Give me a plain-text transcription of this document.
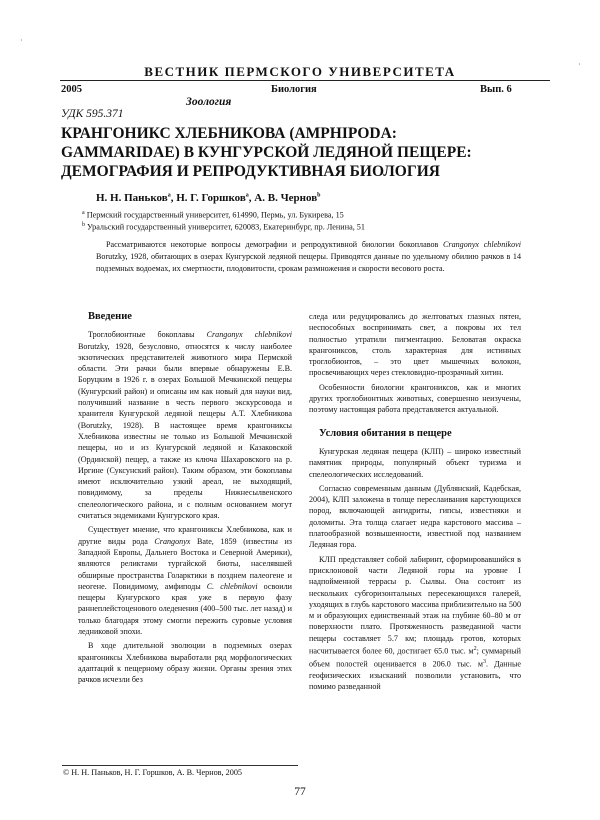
ВЕСТНИК ПЕРМСКОГО УНИВЕРСИТЕТА
2005	Биология	Вып. 6
Зоология
УДК 595.371
КРАНГОНИКС ХЛЕБНИКОВА (AMPHIPODA:
GAMMARIDAE) В КУНГУРСКОЙ ЛЕДЯНОЙ ПЕЩЕРЕ:
ДЕМОГРАФИЯ И РЕПРОДУКТИВНАЯ БИОЛОГИЯ
Н. Н. Паньков$^a$, Н. Г. Горшков$^a$, А. В. Чернов$^b$
$^a$ Пермский государственный университет, 614990, Пермь, ул. Букирева, 15
$^b$ Уральский государственный университет, 620083, Екатеринбург, пр. Ленина, 51
Рассматриваются некоторые вопросы демографии и репродуктивной биологии бокоплавов Crangonyx chlebnikovi Borutzky, 1928, обитающих в озерах Кунгурской ледяной пещеры. Приводятся данные по удельному обилию рачков в 14 подземных водоемах, их смертности, плодовитости, срокам размножения и скорости весового роста.
Введение

Троглобионтные бокоплавы Crangonyx chlebnikovi Borutzky, 1928, безусловно, относятся к числу наиболее экзотических представителей животного мира Пермской области. Эти рачки были впервые обнаружены Е.В. Боруцким в 1926 г. в озерах Большой Мечкинской пещеры (Кунгурский район) и описаны им как новый для науки вид, получивший название в честь первого экскурсовода и хранителя Кунгурской ледяной пещеры А.Т. Хлебникова (Borutzky, 1928). В настоящее время крангониксы Хлебникова известны не только из Большой Мечкинской пещеры, но и из Кунгурской ледяной и Казаковской (Ординской) пещер, а также из ключа Шахаровского на р. Иргине (Суксунский район). Таким образом, эти бокоплавы имеют исключительно узкий ареал, не выходящий, повидимому, за пределы Нижнесылвенского спелеологического района, и с полным основанием могут считаться эндемиками Кунгурского края.

Существует мнение, что крангониксы Хлебникова, как и другие виды рода Crangonyx Bate, 1859 (известны из Западной Европы, Дальнего Востока и Северной Америки), являются реликтами тургайской биоты, населявшей обширные пространства Голарктики в позднем палеогене и неогене. Повидимому, амфиподы C. chlebnikovi освоили пещеры Кунгурского края уже в первую фазу раннеплейстоценового оледенения (400–500 тыс. лет назад) и только благодаря этому смогли пережить суровые условия ледниковой эпохи.

В ходе длительной эволюции в подземных озерах крангониксы Хлебникова выработали ряд морфологических адаптаций к пещерному образу жизни. Органы зрения этих рачков исчезли без

следа или редуцировались до желтоватых глазных пятен, неспособных воспринимать свет, а покровы их тел полностью утратили пигментацию. Беловатая окраска крангониксов, столь характерная для истинных троглобионтов, – это цвет мышечных волокон, просвечивающих через стекловидно-прозрачный хитин.

Особенности биологии крангониксов, как и многих других троглобионтных животных, совершенно неизучены, поэтому настоящая работа представляется актуальной.

Условия обитания в пещере

Кунгурская ледяная пещера (КЛП) – широко известный памятник природы, популярный объект туризма и спелеологических исследований.

Согласно современным данным (Дублянский, Кадебская, 2004), КЛП заложена в толще переслаивания карстующихся пород, включающей ангидриты, гипсы, известняки и доломиты. Эта толща слагает недра карстового массива – платообразной возвышенности, известной под названием Ледяная гора.

КЛП представляет собой лабиринт, сформировавшийся в присклоновой части Ледяной горы на уровне I надпойменной террасы р. Сылвы. Она состоит из нескольких субгоризонтальных пересекающихся галерей, уходящих в глубь карстового массива приблизительно на 500 м и образующих единственный этаж на глубине 60–80 м от поверхности плато. Протяженность разведанной части пещеры составляет 5.7 км; площадь гротов, которых насчитывается более 60, достигает 65.0 тыс. $м^2$; суммарный объем полостей оценивается в 206.0 тыс. $м^3$. Данные геофизических изысканий позволили установить, что помимо разведанной

© Н. Н. Паньков, Н. Г. Горшков, А. В. Чернов, 2005
77
·
·
